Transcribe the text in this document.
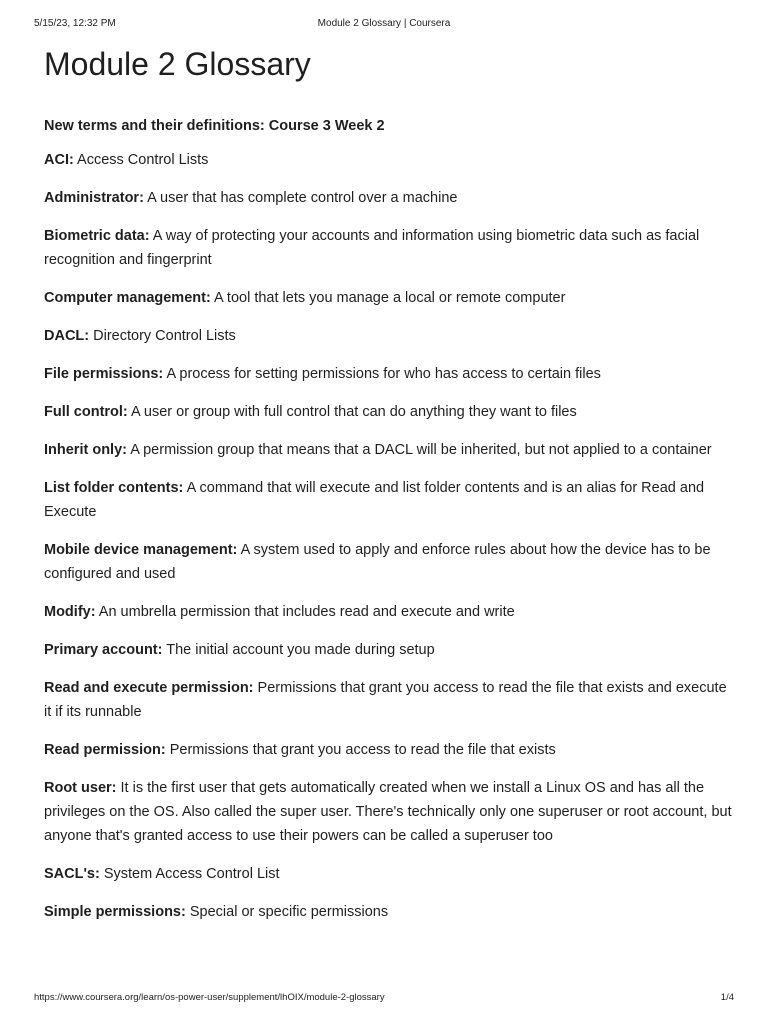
5/15/23, 12:32 PM	Module 2 Glossary | Coursera
Module 2 Glossary

New terms and their definitions: Course 3 Week 2

ACI: Access Control Lists

Administrator: A user that has complete control over a machine

Biometric data: A way of protecting your accounts and information using biometric data such as facial recognition and fingerprint

Computer management: A tool that lets you manage a local or remote computer

DACL: Directory Control Lists

File permissions: A process for setting permissions for who has access to certain files

Full control: A user or group with full control that can do anything they want to files

Inherit only: A permission group that means that a DACL will be inherited, but not applied to a container

List folder contents: A command that will execute and list folder contents and is an alias for Read and Execute

Mobile device management: A system used to apply and enforce rules about how the device has to be configured and used

Modify: An umbrella permission that includes read and execute and write

Primary account: The initial account you made during setup

Read and execute permission: Permissions that grant you access to read the file that exists and execute it if its runnable

Read permission: Permissions that grant you access to read the file that exists

Root user: It is the first user that gets automatically created when we install a Linux OS and has all the privileges on the OS. Also called the super user. There's technically only one superuser or root account, but anyone that's granted access to use their powers can be called a superuser too

SACL's: System Access Control List

Simple permissions: Special or specific permissions

https://www.coursera.org/learn/os-power-user/supplement/lhOIX/module-2-glossary	1/4
